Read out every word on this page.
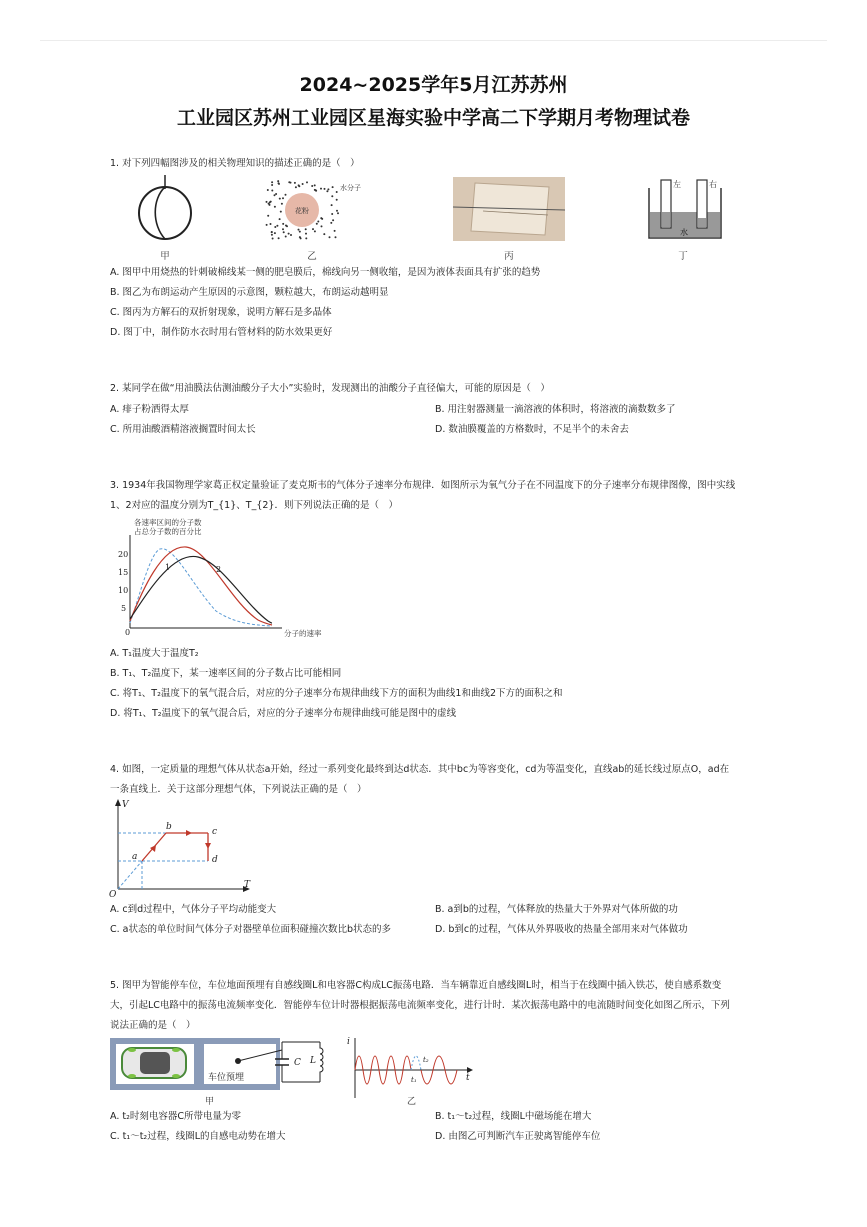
2024~2025学年5月江苏苏州
工业园区苏州工业园区星海实验中学高二下学期月考物理试卷
1. 对下列四幅图涉及的相关物理知识的描述正确的是（　）
甲
花粉
水分子
乙	丙
左	右
水
丁
A. 图甲中用烧热的针刺破棉线某一侧的肥皂膜后，棉线向另一侧收缩，是因为液体表面具有扩张的趋势
B. 图乙为布朗运动产生原因的示意图，颗粒越大，布朗运动越明显
C. 图丙为方解石的双折射现象，说明方解石是多晶体
D. 图丁中，制作防水衣时用右管材料的防水效果更好
2. 某同学在做“用油膜法估测油酸分子大小”实验时，发现测出的油酸分子直径偏大，可能的原因是（　）
A. 痱子粉洒得太厚	B. 用注射器测量一滴溶液的体积时，将溶液的滴数数多了
C. 所用油酸酒精溶液搁置时间太长	D. 数油膜覆盖的方格数时，不足半个的未舍去
3. 1934年我国物理学家葛正权定量验证了麦克斯韦的气体分子速率分布规律．如图所示为氧气分子在不同温度下的分子速率分布规律图像，图中实线
1、2对应的温度分别为T_{1}、T_{2}．则下列说法正确的是（　）
各速率区间的分子数
占总分子数的百分比
20
15
10
5
0
1	2
分子的速率
A. T₁温度大于温度T₂
B. T₁、T₂温度下，某一速率区间的分子数占比可能相同
C. 将T₁、T₂温度下的氧气混合后，对应的分子速率分布规律曲线下方的面积为曲线1和曲线2下方的面积之和
D. 将T₁、T₂温度下的氧气混合后，对应的分子速率分布规律曲线可能是图中的虚线
4. 如图，一定质量的理想气体从状态a开始，经过一系列变化最终到达d状态．其中bc为等容变化，cd为等温变化，直线ab的延长线过原点O，ad在
一条直线上．关于这部分理想气体，下列说法正确的是（　）
V
T
O
a
b	c
d
A. c到d过程中，气体分子平均动能变大	B. a到b的过程，气体释放的热量大于外界对气体所做的功
C. a状态的单位时间气体分子对器壁单位面积碰撞次数比b状态的多	D. b到c的过程，气体从外界吸收的热量全部用来对气体做功
5. 图甲为智能停车位，车位地面预埋有自感线圈L和电容器C构成LC振荡电路．当车辆靠近自感线圈L时，相当于在线圈中插入铁芯，使自感系数变
大，引起LC电路中的振荡电流频率变化．智能停车位计时器根据振荡电流频率变化，进行计时．某次振荡电路中的电流随时间变化如图乙所示，下列
说法正确的是（　）
车位预埋
C L
甲
i
t
t₁
t₂
乙
A. t₂时刻电容器C所带电量为零	B. t₁～t₂过程，线圈L中磁场能在增大
C. t₁～t₂过程，线圈L的自感电动势在增大	D. 由图乙可判断汽车正驶离智能停车位
